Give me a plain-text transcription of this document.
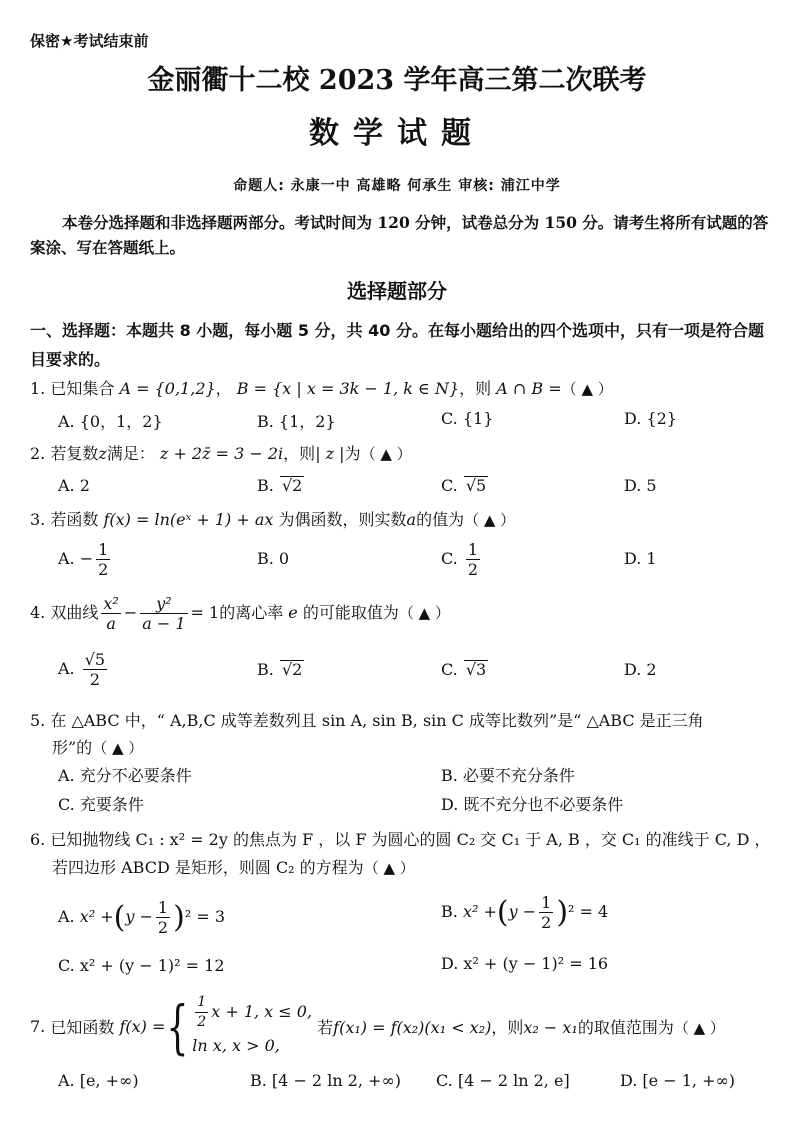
保密★考试结束前
金丽衢十二校 2023 学年高三第二次联考
数学试题
命题人: 永康一中 高雄略 何承生 审核: 浦江中学
本卷分选择题和非选择题两部分。考试时间为 120 分钟，试卷总分为 150 分。请考生将所有试题的答案涂、写在答题纸上。
选择题部分
一、选择题：本题共 8 小题，每小题 5 分，共 40 分。在每小题给出的四个选项中，只有一项是符合题目要求的。
1. 已知集合 A = {0,1,2}， B = {x | x = 3k − 1, k ∈ N}，则 A ∩ B =（ ▲ ）
A. {0，1，2}	B. {1，2}	C. {1}	D. {2}
2. 若复数z满足： z + 2z̄ = 3 − 2i，则| z |为（ ▲ ）
A. 2	B. √2	C. √5	D. 5
3. 若函数 f(x) = ln(eˣ + 1) + ax 为偶函数，则实数a的值为（ ▲ ）
A. − $\frac{1}{2}$	B. 0	C. $\frac{1}{2}$	D. 1
4. 双曲线 $\frac{\text{x²}}{a} - \frac{\text{y²}}{a - 1} = 1$的离心率 e 的可能取值为（ ▲ ）
A. $\frac{√5}{2}$	B. √2	C. √3	D. 2
5. 在 △ABC 中，“ A,B,C 成等差数列且 sin A, sin B, sin C 成等比数列”是“ △ABC 是正三角
形”的（ ▲ ）
A. 充分不必要条件	B. 必要不充分条件
C. 充要条件	D. 既不充分也不必要条件
6. 已知抛物线 C₁ : x² = 2y 的焦点为 F ，以 F 为圆心的圆 C₂ 交 C₁ 于 A, B ，交 C₁ 的准线于 C, D ，
若四边形 ABCD 是矩形，则圆 C₂ 的方程为（ ▲ ）
A. $x^2 +(y - \frac{1}{2} )^2 = 3$	B. $x^2 +(y - \frac{1}{2} )^2 = 4$
C. x² + (y − 1)² = 12	D. x² + (y − 1)² = 16
7. 已知函数 f(x) ={ $\frac{1}{2}$ x + 1, x ≤ 0,
ln x, x > 0,
若f(x₁) = f(x₂)(x₁ < x₂)，则x₂ − x₁的取值范围为（ ▲ ）
A. [e, +∞)	B. [4 − 2 ln 2, +∞) C. [4 − 2 ln 2, e]	D. [e − 1, +∞)
